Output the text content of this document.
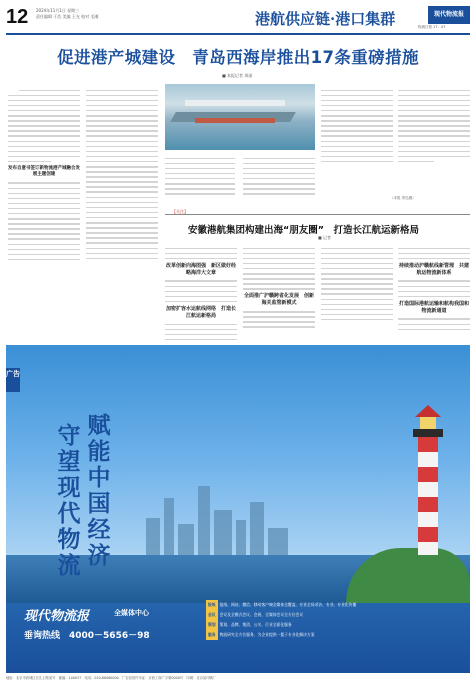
12 2024年11月1日 星期三
责任编辑 于浩 美编 王光 校对 毛湘	港航供应链·港口集群	现代物流报
物流日报 17：07
促进港产城建设　青岛西海岸推出17条重磅措施
■ 本报记者 周丽
发布自意书签订新物流港产城融合发展主题创建
（本报 青岛摄）
【关注】
安徽港航集团构建出海“朋友圈”　打造长江航运新格局
■ 记者
改革创新向海图强　新区做好经略海洋大文章
加密扩容水运航线网络　打造长江航运新格局
全面推广沪赣跨省化发展　创新海关监管新模式
持续推动沪赣航线新管理　共建航运物流新体系
打造国际港航运输和航构我国和物流新通道
守望现代物流
赋能中国经济
现代物流报	全媒体中心
垂询热线　4000－5656－98
报纸 报纸、网站、微信、移动客户端全媒体全覆盖、专业全局采访、专业、专业化传播
会议 会议及全模式会议、会展、全媒体会议全方位会议
策划 策划、品牌、集团、公关、行业全面化服务
服务 物流研究全方位服务、为企业提供一揽子专业化解决方案
广告
地址：北京市西城区北礼士路某号　邮编：100037　电话：010-68060000　广告经营许可证：京西工商广字第0000号　印刷：北京某印刷厂
